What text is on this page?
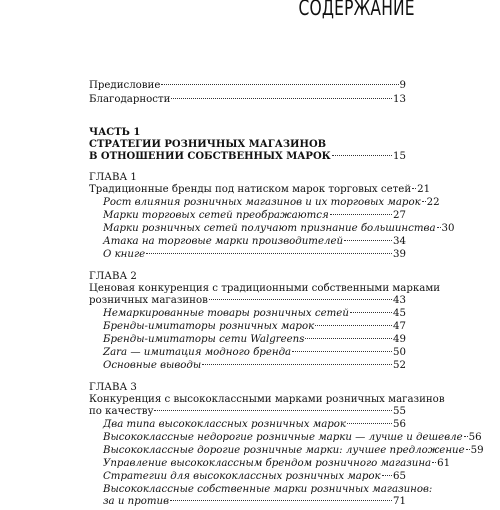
СОДЕРЖАНИЕ
Предисловие	9
Благодарности	13
ЧАСТЬ 1
СТРАТЕГИИ РОЗНИЧНЫХ МАГАЗИНОВ
В ОТНОШЕНИИ СОБСТВЕННЫХ МАРОК	15
ГЛАВА 1
Традиционные бренды под натиском марок торговых сетей 21
Рост влияния розничных магазинов и их торговых марок 22
Марки торговых сетей преображаются	27
Марки розничных сетей получают признание большинства 30
Атака на торговые марки производителей	34
О книге	39
ГЛАВА 2
Ценовая конкуренция с традиционными собственными марками
розничных магазинов	43
Немаркированные товары розничных сетей	45
Бренды-имитаторы розничных марок	47
Бренды-имитаторы сети Walgreens	49
Zara — имитация модного бренда	50
Основные выводы	52
ГЛАВА 3
Конкуренция с высококлассными марками розничных магазинов
по качеству	55
Два типа высококлассных розничных марок	56
Высококлассные недорогие розничные марки — лучше и дешевле 56
Высококлассные дорогие розничные марки: лучшее предложение 59
Управление высококлассным брендом розничного магазина 61
Стратегии для высококлассных розничных марок 65
Высококлассные собственные марки розничных магазинов:
за и против	71
